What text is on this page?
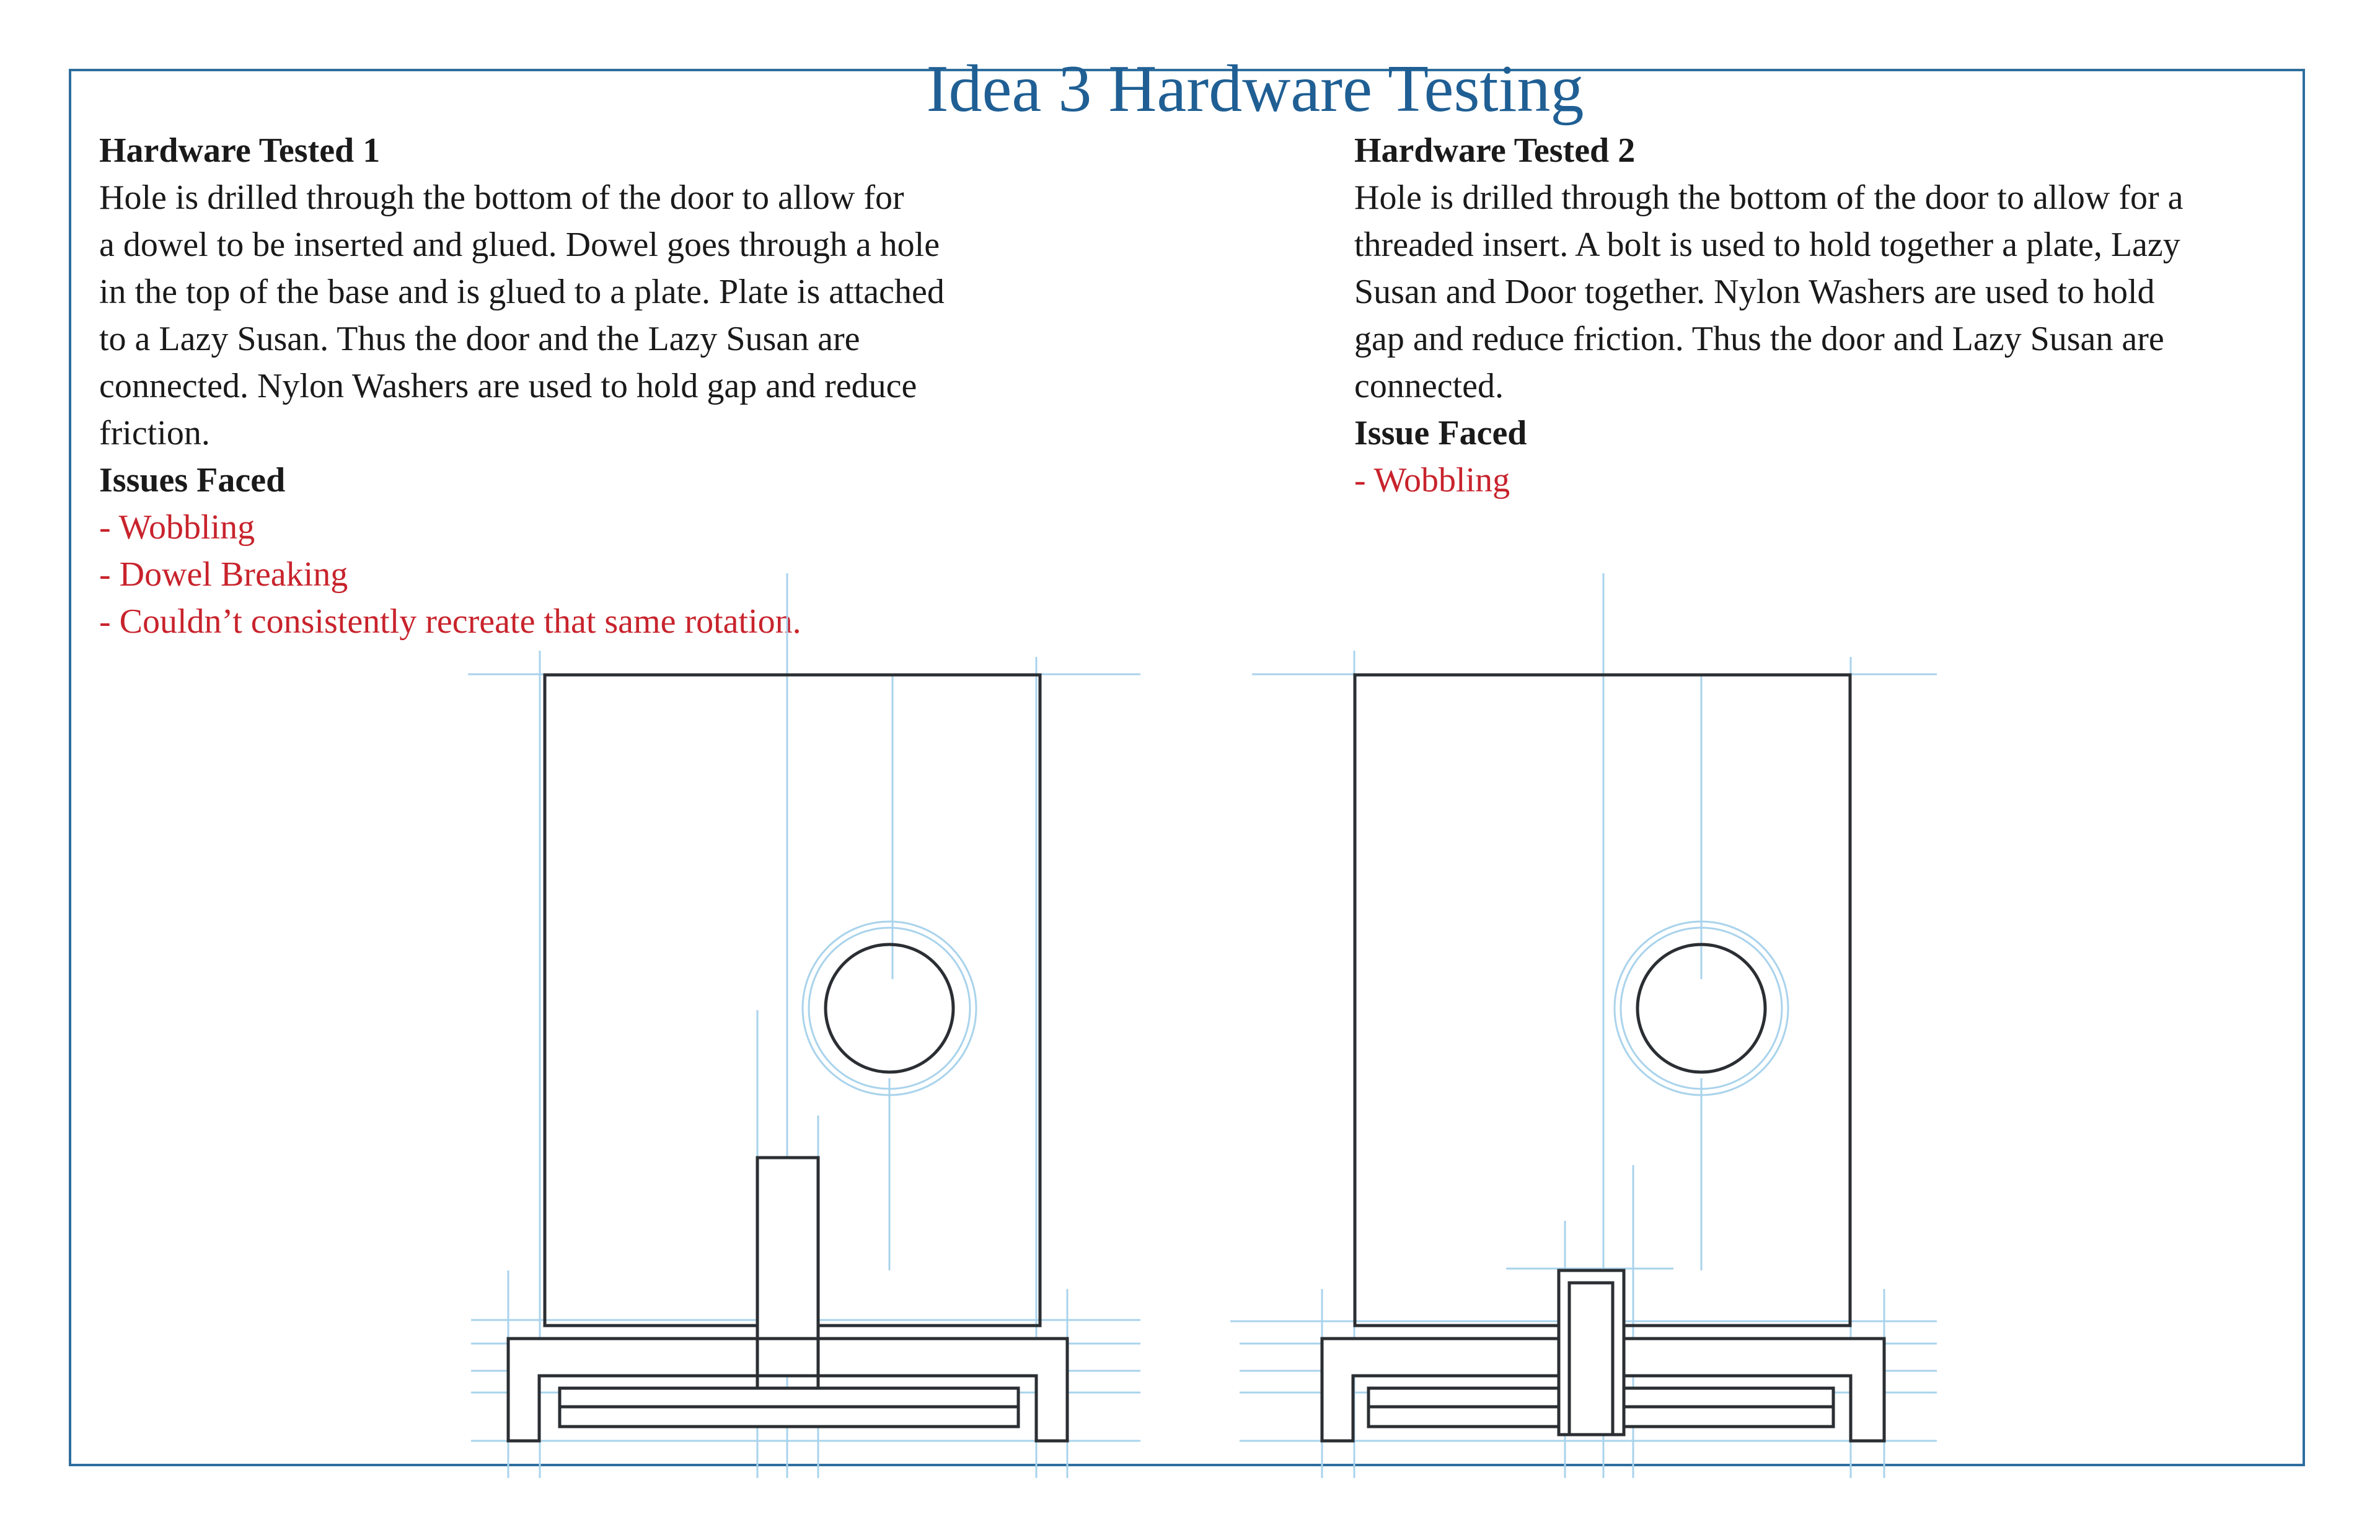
Idea 3 Hardware Testing
Hardware Tested 1
Hole is drilled through the bottom of the door to allow for
a dowel to be inserted and glued. Dowel goes through a hole
in the top of the base and is glued to a plate. Plate is attached
to a Lazy Susan. Thus the door and the Lazy Susan are
connected. Nylon Washers are used to hold gap and reduce
friction.
Issues Faced
- Wobbling
- Dowel Breaking
- Couldn’t consistently recreate that same rotation.
Hardware Tested 2
Hole is drilled through the bottom of the door to allow for a
threaded insert. A bolt is used to hold together a plate, Lazy
Susan and Door together. Nylon Washers are used to hold
gap and reduce friction. Thus the door and Lazy Susan are
connected.
Issue Faced
- Wobbling
